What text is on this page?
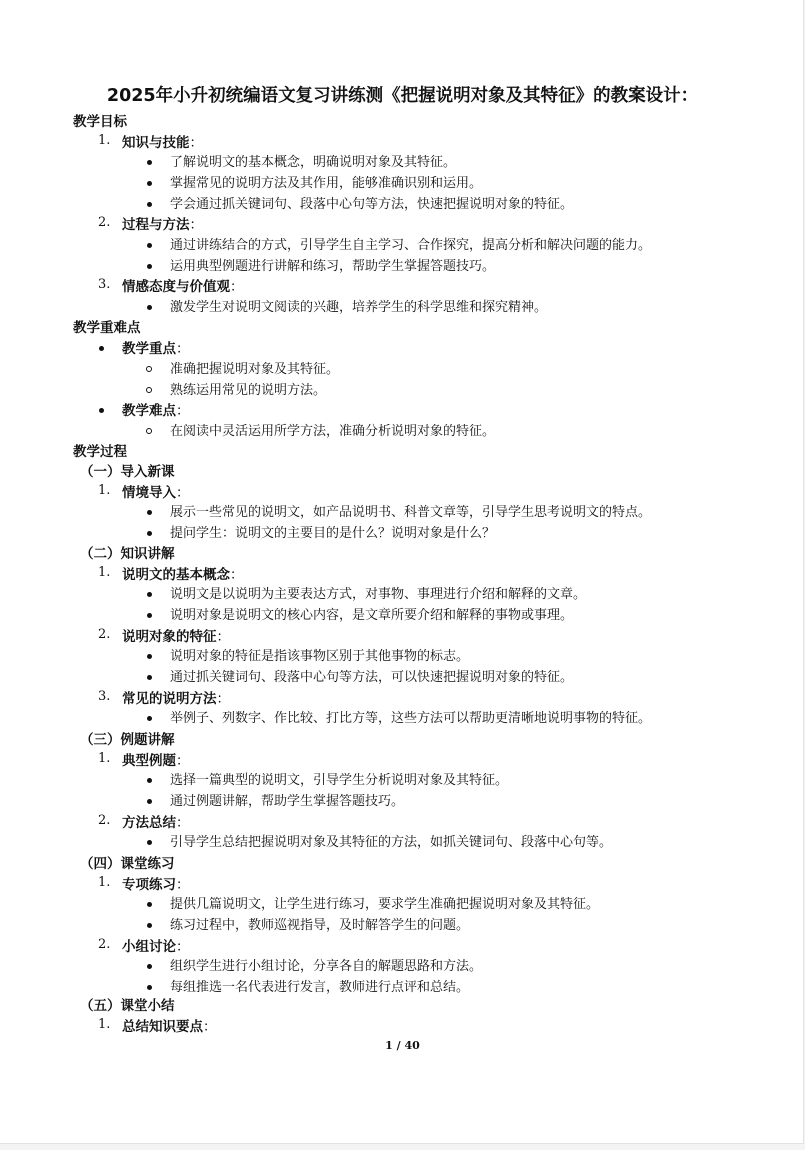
2025年小升初统编语文复习讲练测《把握说明对象及其特征》的教案设计：
教学目标
1. 知识与技能：
了解说明文的基本概念，明确说明对象及其特征。
掌握常见的说明方法及其作用，能够准确识别和运用。
学会通过抓关键词句、段落中心句等方法，快速把握说明对象的特征。
2. 过程与方法：
通过讲练结合的方式，引导学生自主学习、合作探究，提高分析和解决问题的能力。
运用典型例题进行讲解和练习，帮助学生掌握答题技巧。
3. 情感态度与价值观：
激发学生对说明文阅读的兴趣，培养学生的科学思维和探究精神。
教学重难点
教学重点：
准确把握说明对象及其特征。
熟练运用常见的说明方法。
教学难点：
在阅读中灵活运用所学方法，准确分析说明对象的特征。
教学过程
（一）导入新课
1. 情境导入：
展示一些常见的说明文，如产品说明书、科普文章等，引导学生思考说明文的特点。
提问学生：说明文的主要目的是什么？说明对象是什么？
（二）知识讲解
1. 说明文的基本概念：
说明文是以说明为主要表达方式，对事物、事理进行介绍和解释的文章。
说明对象是说明文的核心内容，是文章所要介绍和解释的事物或事理。
2. 说明对象的特征：
说明对象的特征是指该事物区别于其他事物的标志。
通过抓关键词句、段落中心句等方法，可以快速把握说明对象的特征。
3. 常见的说明方法：
举例子、列数字、作比较、打比方等，这些方法可以帮助更清晰地说明事物的特征。
（三）例题讲解
1. 典型例题：
选择一篇典型的说明文，引导学生分析说明对象及其特征。
通过例题讲解，帮助学生掌握答题技巧。
2. 方法总结：
引导学生总结把握说明对象及其特征的方法，如抓关键词句、段落中心句等。
（四）课堂练习
1. 专项练习：
提供几篇说明文，让学生进行练习，要求学生准确把握说明对象及其特征。
练习过程中，教师巡视指导，及时解答学生的问题。
2. 小组讨论：
组织学生进行小组讨论，分享各自的解题思路和方法。
每组推选一名代表进行发言，教师进行点评和总结。
（五）课堂小结
1. 总结知识要点：
1 / 40
